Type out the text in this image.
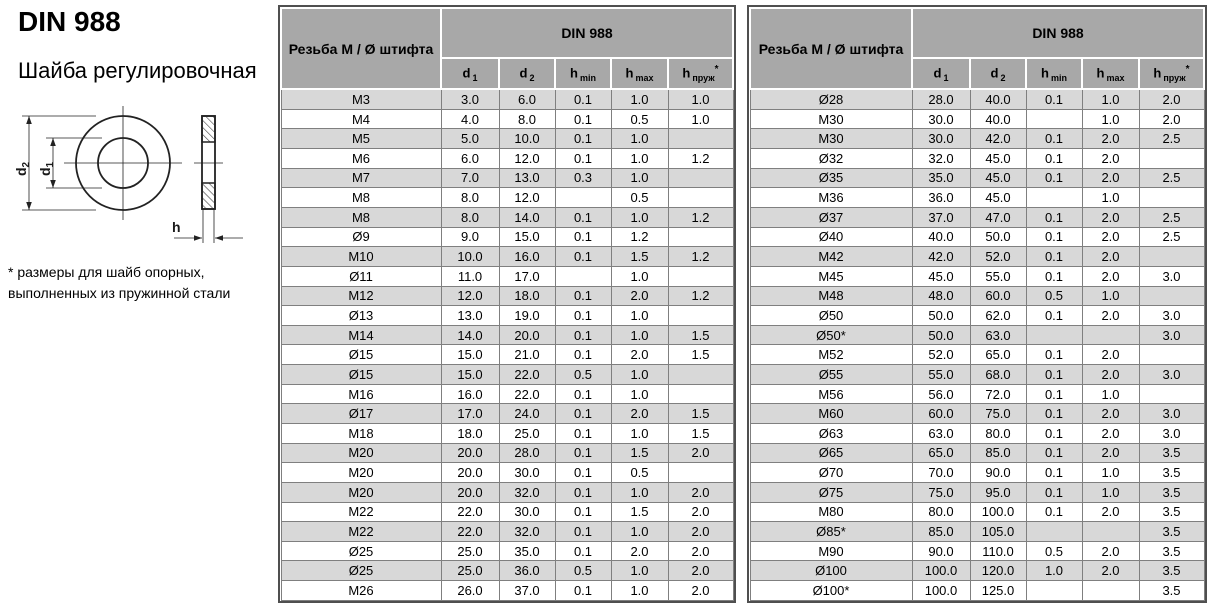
DIN 988
Шайба регулировочная
$d_2$
$d_1$
h
* размеры для шайб опорных,
выполненных из пружинной стали
Резьба М / Ø штифта	DIN 988				
	d $_1$	d $_2$	h $_{min}$	h $_{max}$	h $_{пруж}$*
M3	3.0	6.0	0.1	1.0	1.0
M4	4.0	8.0	0.1	0.5	1.0
M5	5.0	10.0	0.1	1.0	
M6	6.0	12.0	0.1	1.0	1.2
M7	7.0	13.0	0.3	1.0	
M8	8.0	12.0		0.5	
M8	8.0	14.0	0.1	1.0	1.2
Ø9	9.0	15.0	0.1	1.2	
M10	10.0	16.0	0.1	1.5	1.2
Ø11	11.0	17.0		1.0	
M12	12.0	18.0	0.1	2.0	1.2
Ø13	13.0	19.0	0.1	1.0	
M14	14.0	20.0	0.1	1.0	1.5
Ø15	15.0	21.0	0.1	2.0	1.5
Ø15	15.0	22.0	0.5	1.0	
M16	16.0	22.0	0.1	1.0	
Ø17	17.0	24.0	0.1	2.0	1.5
M18	18.0	25.0	0.1	1.0	1.5
M20	20.0	28.0	0.1	1.5	2.0
M20	20.0	30.0	0.1	0.5	
M20	20.0	32.0	0.1	1.0	2.0
M22	22.0	30.0	0.1	1.5	2.0
M22	22.0	32.0	0.1	1.0	2.0
Ø25	25.0	35.0	0.1	2.0	2.0
Ø25	25.0	36.0	0.5	1.0	2.0
M26	26.0	37.0	0.1	1.0	2.0
Резьба М / Ø штифта	DIN 988				
	d $_1$	d $_2$	h $_{min}$	h $_{max}$	h $_{пруж}$*
Ø28	28.0	40.0	0.1	1.0	2.0
M30	30.0	40.0		1.0	2.0
M30	30.0	42.0	0.1	2.0	2.5
Ø32	32.0	45.0	0.1	2.0	
Ø35	35.0	45.0	0.1	2.0	2.5
M36	36.0	45.0		1.0	
Ø37	37.0	47.0	0.1	2.0	2.5
Ø40	40.0	50.0	0.1	2.0	2.5
M42	42.0	52.0	0.1	2.0	
M45	45.0	55.0	0.1	2.0	3.0
M48	48.0	60.0	0.5	1.0	
Ø50	50.0	62.0	0.1	2.0	3.0
Ø50*	50.0	63.0			3.0
M52	52.0	65.0	0.1	2.0	
Ø55	55.0	68.0	0.1	2.0	3.0
M56	56.0	72.0	0.1	1.0	
M60	60.0	75.0	0.1	2.0	3.0
Ø63	63.0	80.0	0.1	2.0	3.0
Ø65	65.0	85.0	0.1	2.0	3.5
Ø70	70.0	90.0	0.1	1.0	3.5
Ø75	75.0	95.0	0.1	1.0	3.5
M80	80.0	100.0	0.1	2.0	3.5
Ø85*	85.0	105.0			3.5
M90	90.0	110.0	0.5	2.0	3.5
Ø100	100.0	120.0	1.0	2.0	3.5
Ø100*	100.0	125.0			3.5
